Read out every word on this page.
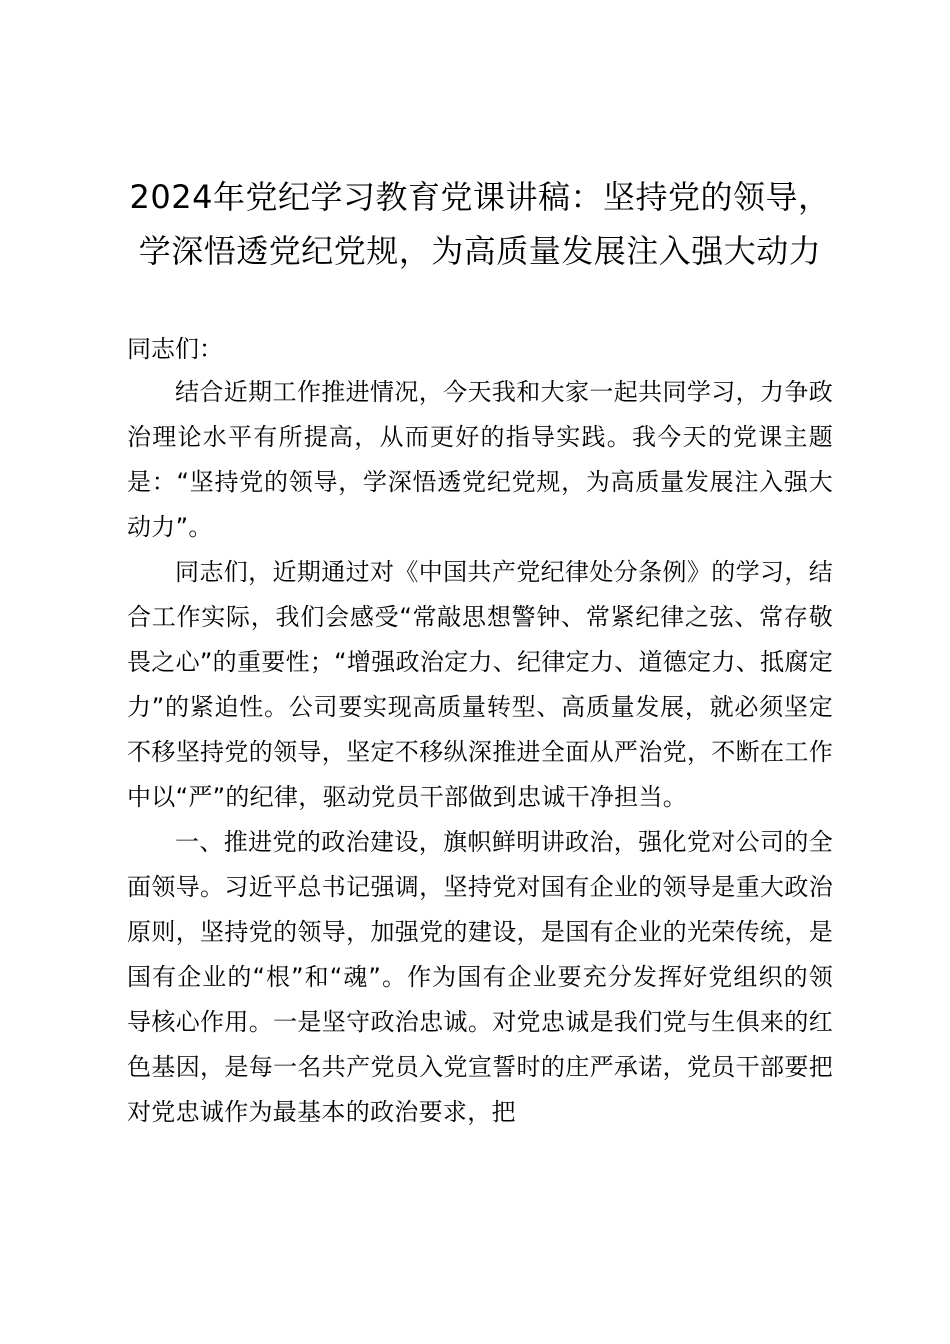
2024年党纪学习教育党课讲稿：坚持党的领导，学深悟透党纪党规，为高质量发展注入强大动力

同志们：

结合近期工作推进情况，今天我和大家一起共同学习，力争政治理论水平有所提高，从而更好的指导实践。我今天的党课主题是：“坚持党的领导，学深悟透党纪党规，为高质量发展注入强大动力”。

同志们，近期通过对《中国共产党纪律处分条例》的学习，结合工作实际，我们会感受“常敲思想警钟、常紧纪律之弦、常存敬畏之心”的重要性；“增强政治定力、纪律定力、道德定力、抵腐定力”的紧迫性。公司要实现高质量转型、高质量发展，就必须坚定不移坚持党的领导，坚定不移纵深推进全面从严治党，不断在工作中以“严”的纪律，驱动党员干部做到忠诚干净担当。

一、推进党的政治建设，旗帜鲜明讲政治，强化党对公司的全面领导。习近平总书记强调，坚持党对国有企业的领导是重大政治原则，坚持党的领导，加强党的建设，是国有企业的光荣传统，是国有企业的“根”和“魂”。作为国有企业要充分发挥好党组织的领导核心作用。一是坚守政治忠诚。对党忠诚是我们党与生俱来的红色基因，是每一名共产党员入党宣誓时的庄严承诺，党员干部要把对党忠诚作为最基本的政治要求，把
